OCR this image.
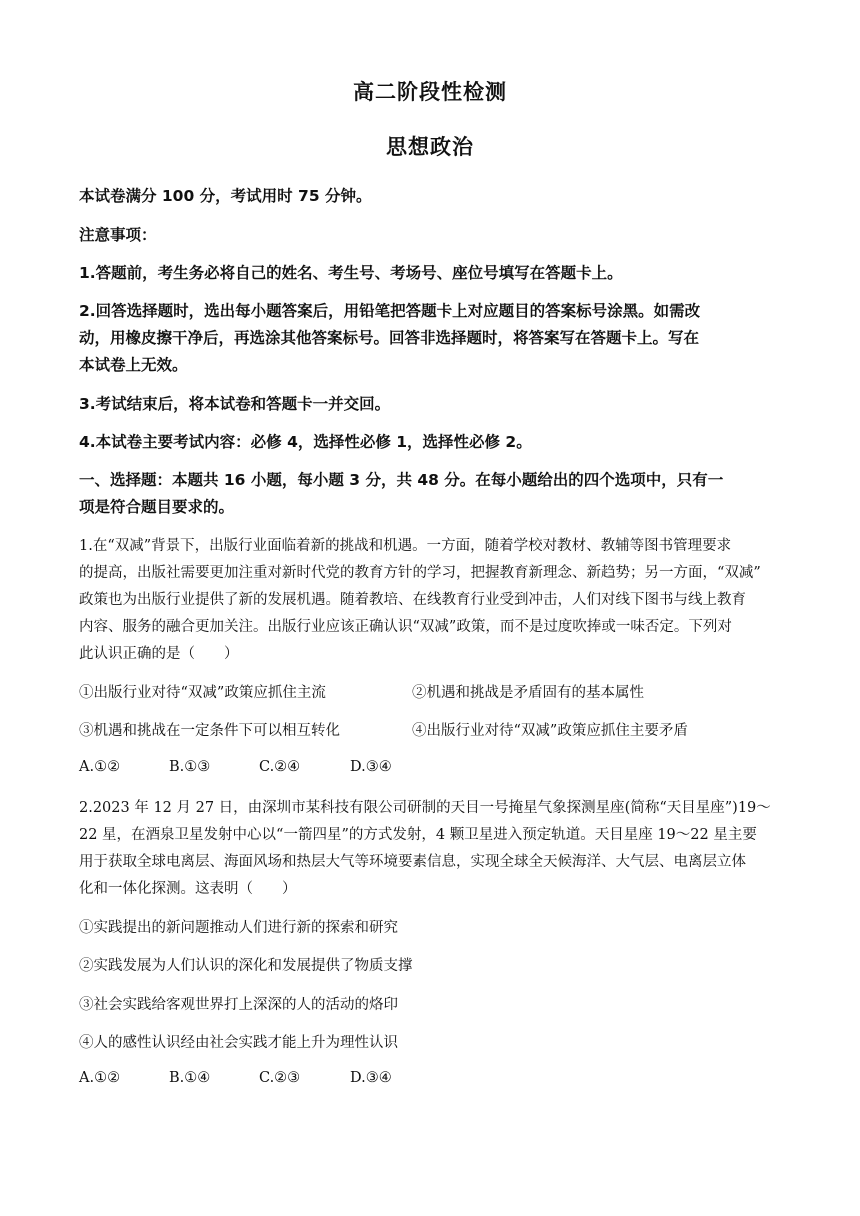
高二阶段性检测
思想政治
本试卷满分 100 分，考试用时 75 分钟。
注意事项：
1.答题前，考生务必将自己的姓名、考生号、考场号、座位号填写在答题卡上。
2.回答选择题时，选出每小题答案后，用铅笔把答题卡上对应题目的答案标号涂黑。如需改
动，用橡皮擦干净后，再选涂其他答案标号。回答非选择题时，将答案写在答题卡上。写在
本试卷上无效。
3.考试结束后，将本试卷和答题卡一并交回。
4.本试卷主要考试内容：必修 4，选择性必修 1，选择性必修 2。
一、选择题：本题共 16 小题，每小题 3 分，共 48 分。在每小题给出的四个选项中，只有一
项是符合题目要求的。
1.在“双减”背景下，出版行业面临着新的挑战和机遇。一方面，随着学校对教材、教辅等图书管理要求
的提高，出版社需要更加注重对新时代党的教育方针的学习，把握教育新理念、新趋势；另一方面，“双减”
政策也为出版行业提供了新的发展机遇。随着教培、在线教育行业受到冲击，人们对线下图书与线上教育
内容、服务的融合更加关注。出版行业应该正确认识“双减”政策，而不是过度吹捧或一味否定。下列对
此认识正确的是（　　）
①出版行业对待“双减”政策应抓住主流	②机遇和挑战是矛盾固有的基本属性
③机遇和挑战在一定条件下可以相互转化	④出版行业对待“双减”政策应抓住主要矛盾
A.①②	B.①③	C.②④	D.③④
2.2023 年 12 月 27 日，由深圳市某科技有限公司研制的天目一号掩星气象探测星座(简称“天目星座”)19～
22 星，在酒泉卫星发射中心以“一箭四星”的方式发射，4 颗卫星进入预定轨道。天目星座 19～22 星主要
用于获取全球电离层、海面风场和热层大气等环境要素信息，实现全球全天候海洋、大气层、电离层立体
化和一体化探测。这表明（　　）
①实践提出的新问题推动人们进行新的探索和研究
②实践发展为人们认识的深化和发展提供了物质支撑
③社会实践给客观世界打上深深的人的活动的烙印
④人的感性认识经由社会实践才能上升为理性认识
A.①②	B.①④	C.②③	D.③④
